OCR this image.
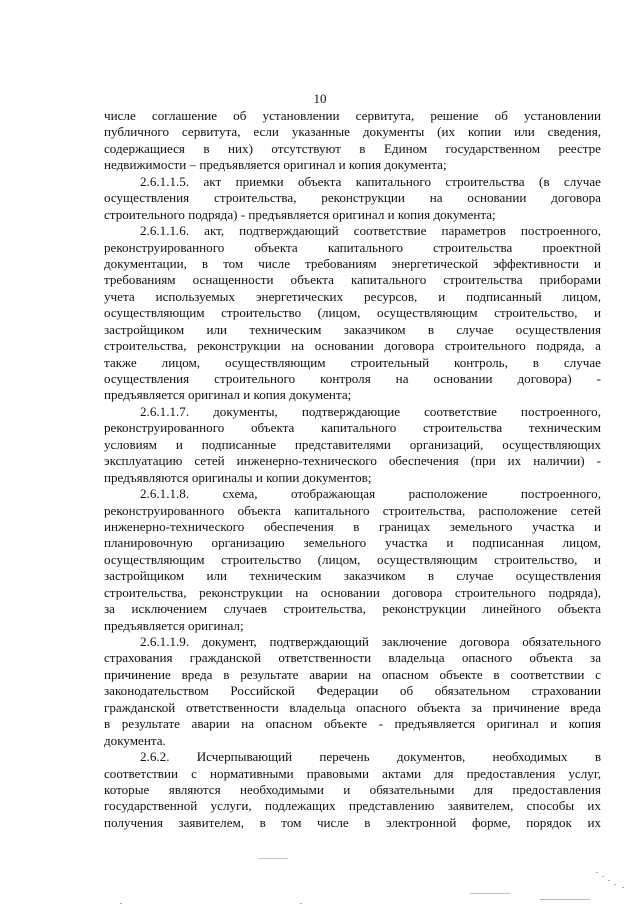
10
числе соглашение об установлении сервитута, решение об установлении
публичного сервитута, если указанные документы (их копии или сведения,
содержащиеся в них) отсутствуют в Едином государственном реестре
недвижимости – предъявляется оригинал и копия документа;
2.6.1.1.5. акт приемки объекта капитального строительства (в случае
осуществления строительства, реконструкции на основании договора
строительного подряда) - предъявляется оригинал и копия документа;
2.6.1.1.6. акт, подтверждающий соответствие параметров построенного,
реконструированного объекта капитального строительства проектной
документации, в том числе требованиям энергетической эффективности и
требованиям оснащенности объекта капитального строительства приборами
учета используемых энергетических ресурсов, и подписанный лицом,
осуществляющим строительство (лицом, осуществляющим строительство, и
застройщиком или техническим заказчиком в случае осуществления
строительства, реконструкции на основании договора строительного подряда, а
также лицом, осуществляющим строительный контроль, в случае
осуществления строительного контроля на основании договора) -
предъявляется оригинал и копия документа;
2.6.1.1.7. документы, подтверждающие соответствие построенного,
реконструированного объекта капитального строительства техническим
условиям и подписанные представителями организаций, осуществляющих
эксплуатацию сетей инженерно-технического обеспечения (при их наличии) -
предъявляются оригиналы и копии документов;
2.6.1.1.8. схема, отображающая расположение построенного,
реконструированного объекта капитального строительства, расположение сетей
инженерно-технического обеспечения в границах земельного участка и
планировочную организацию земельного участка и подписанная лицом,
осуществляющим строительство (лицом, осуществляющим строительство, и
застройщиком или техническим заказчиком в случае осуществления
строительства, реконструкции на основании договора строительного подряда),
за исключением случаев строительства, реконструкции линейного объекта
предъявляется оригинал;
2.6.1.1.9. документ, подтверждающий заключение договора обязательного
страхования гражданской ответственности владельца опасного объекта за
причинение вреда в результате аварии на опасном объекте в соответствии с
законодательством Российской Федерации об обязательном страховании
гражданской ответственности владельца опасного объекта за причинение вреда
в результате аварии на опасном объекте - предъявляется оригинал и копия
документа.
2.6.2. Исчерпывающий перечень документов, необходимых в
соответствии с нормативными правовыми актами для предоставления услуг,
которые являются необходимыми и обязательными для предоставления
государственной услуги, подлежащих представлению заявителем, способы их
получения заявителем, в том числе в электронной форме, порядок их
